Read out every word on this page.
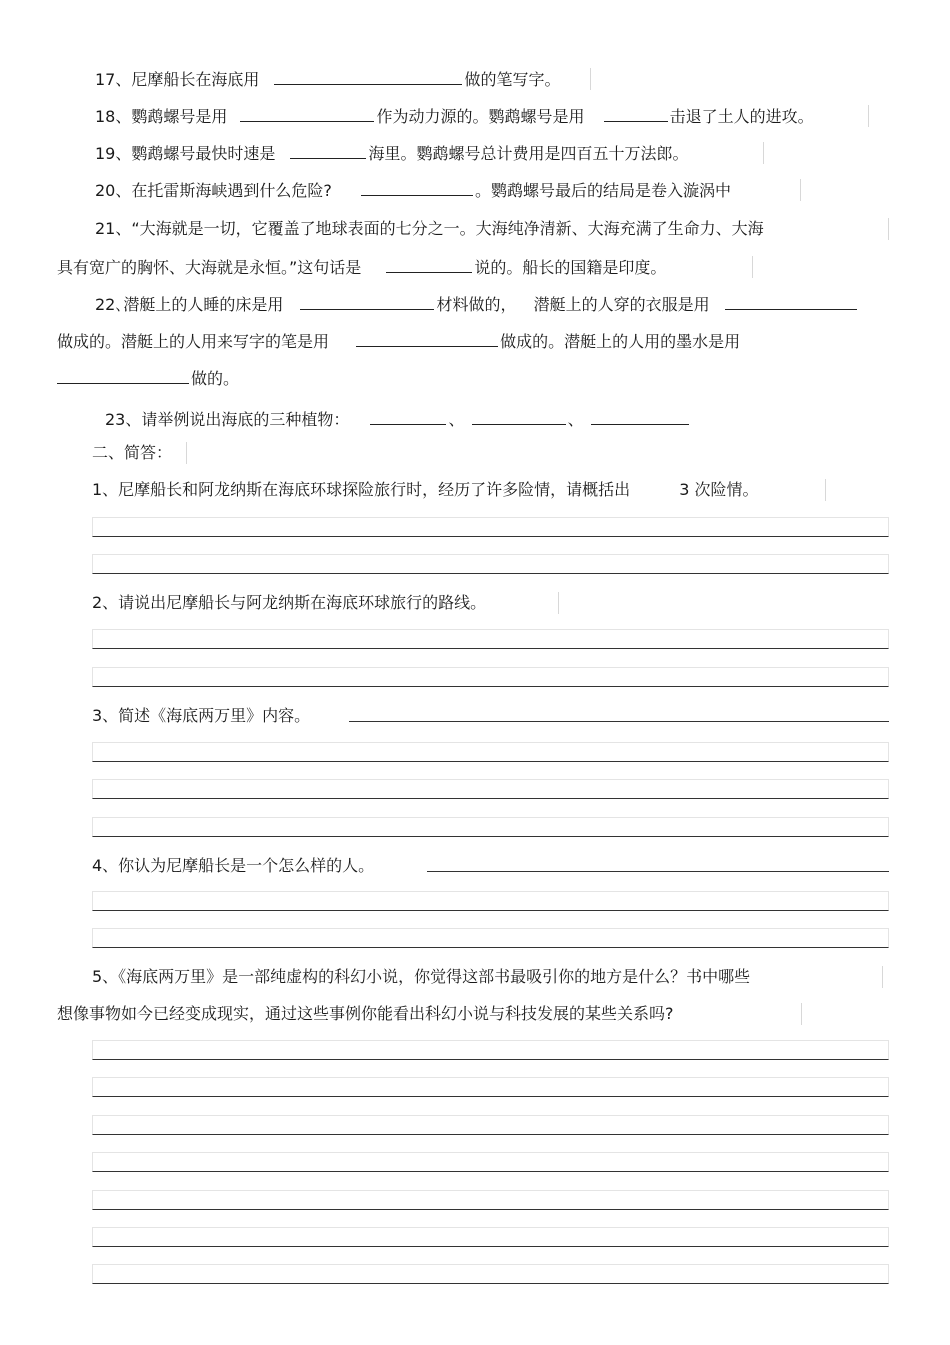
17、尼摩船长在海底用	做的笔写字。
18、鹦鹉螺号是用	作为动力源的。鹦鹉螺号是用	击退了土人的进攻。
19、鹦鹉螺号最快时速是	海里。鹦鹉螺号总计费用是四百五十万法郎。
20、在托雷斯海峡遇到什么危险?	。鹦鹉螺号最后的结局是卷入漩涡中
21、“大海就是一切，它覆盖了地球表面的七分之一。大海纯净清新、大海充满了生命力、大海
具有宽广的胸怀、大海就是永恒。”这句话是	说的。船长的国籍是印度。
22､潜艇上的人睡的床是用	材料做的， 潜艇上的人穿的衣服是用
做成的。潜艇上的人用来写字的笔是用	做成的。潜艇上的人用的墨水是用
做的。
23、请举例说出海底的三种植物：	、	、
二、简答：
1、尼摩船长和阿龙纳斯在海底环球探险旅行时，经历了许多险情，请概括出	3 次险情。
2、请说出尼摩船长与阿龙纳斯在海底环球旅行的路线。
3、简述《海底两万里》内容。
4、你认为尼摩船长是一个怎么样的人。
5、《海底两万里》是一部纯虚构的科幻小说，你觉得这部书最吸引你的地方是什么？书中哪些
想像事物如今已经变成现实，通过这些事例你能看出科幻小说与科技发展的某些关系吗?
